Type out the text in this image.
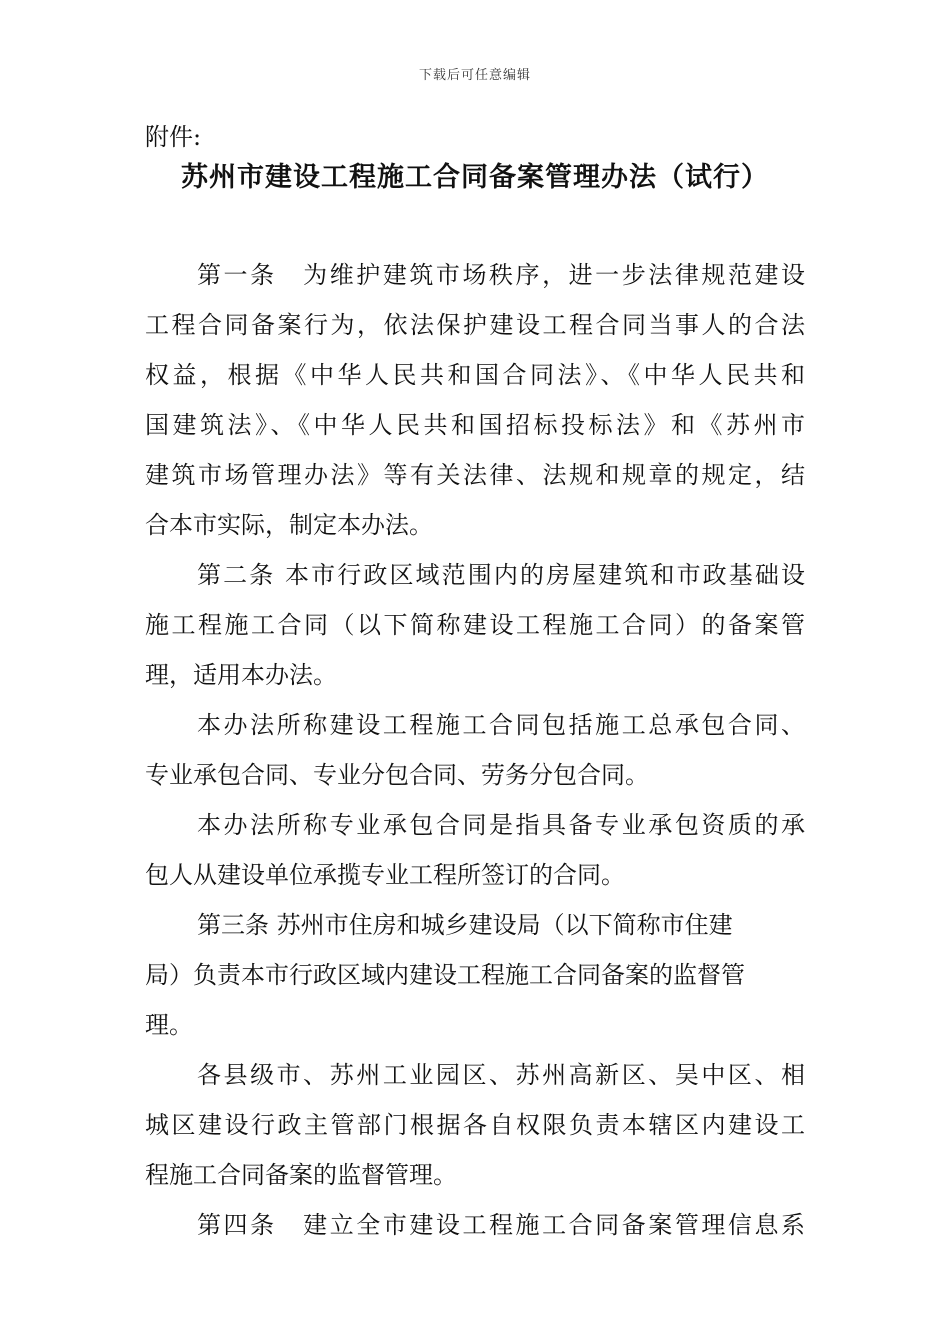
下载后可任意编辑
附件:
苏州市建设工程施工合同备案管理办法（试行）
第一条　为维护建筑市场秩序，进一步法律规范建设
工程合同备案行为，依法保护建设工程合同当事人的合法
权益，根据《中华人民共和国合同法》、《中华人民共和
国建筑法》、《中华人民共和国招标投标法》和《苏州市
建筑市场管理办法》等有关法律、法规和规章的规定，结
合本市实际，制定本办法。
第二条 本市行政区域范围内的房屋建筑和市政基础设
施工程施工合同（以下简称建设工程施工合同）的备案管
理，适用本办法。
本办法所称建设工程施工合同包括施工总承包合同、
专业承包合同、专业分包合同、劳务分包合同。
本办法所称专业承包合同是指具备专业承包资质的承
包人从建设单位承揽专业工程所签订的合同。
第三条 苏州市住房和城乡建设局（以下简称市住建
局）负责本市行政区域内建设工程施工合同备案的监督管
理。
各县级市、苏州工业园区、苏州高新区、吴中区、相
城区建设行政主管部门根据各自权限负责本辖区内建设工
程施工合同备案的监督管理。
第四条　建立全市建设工程施工合同备案管理信息系
